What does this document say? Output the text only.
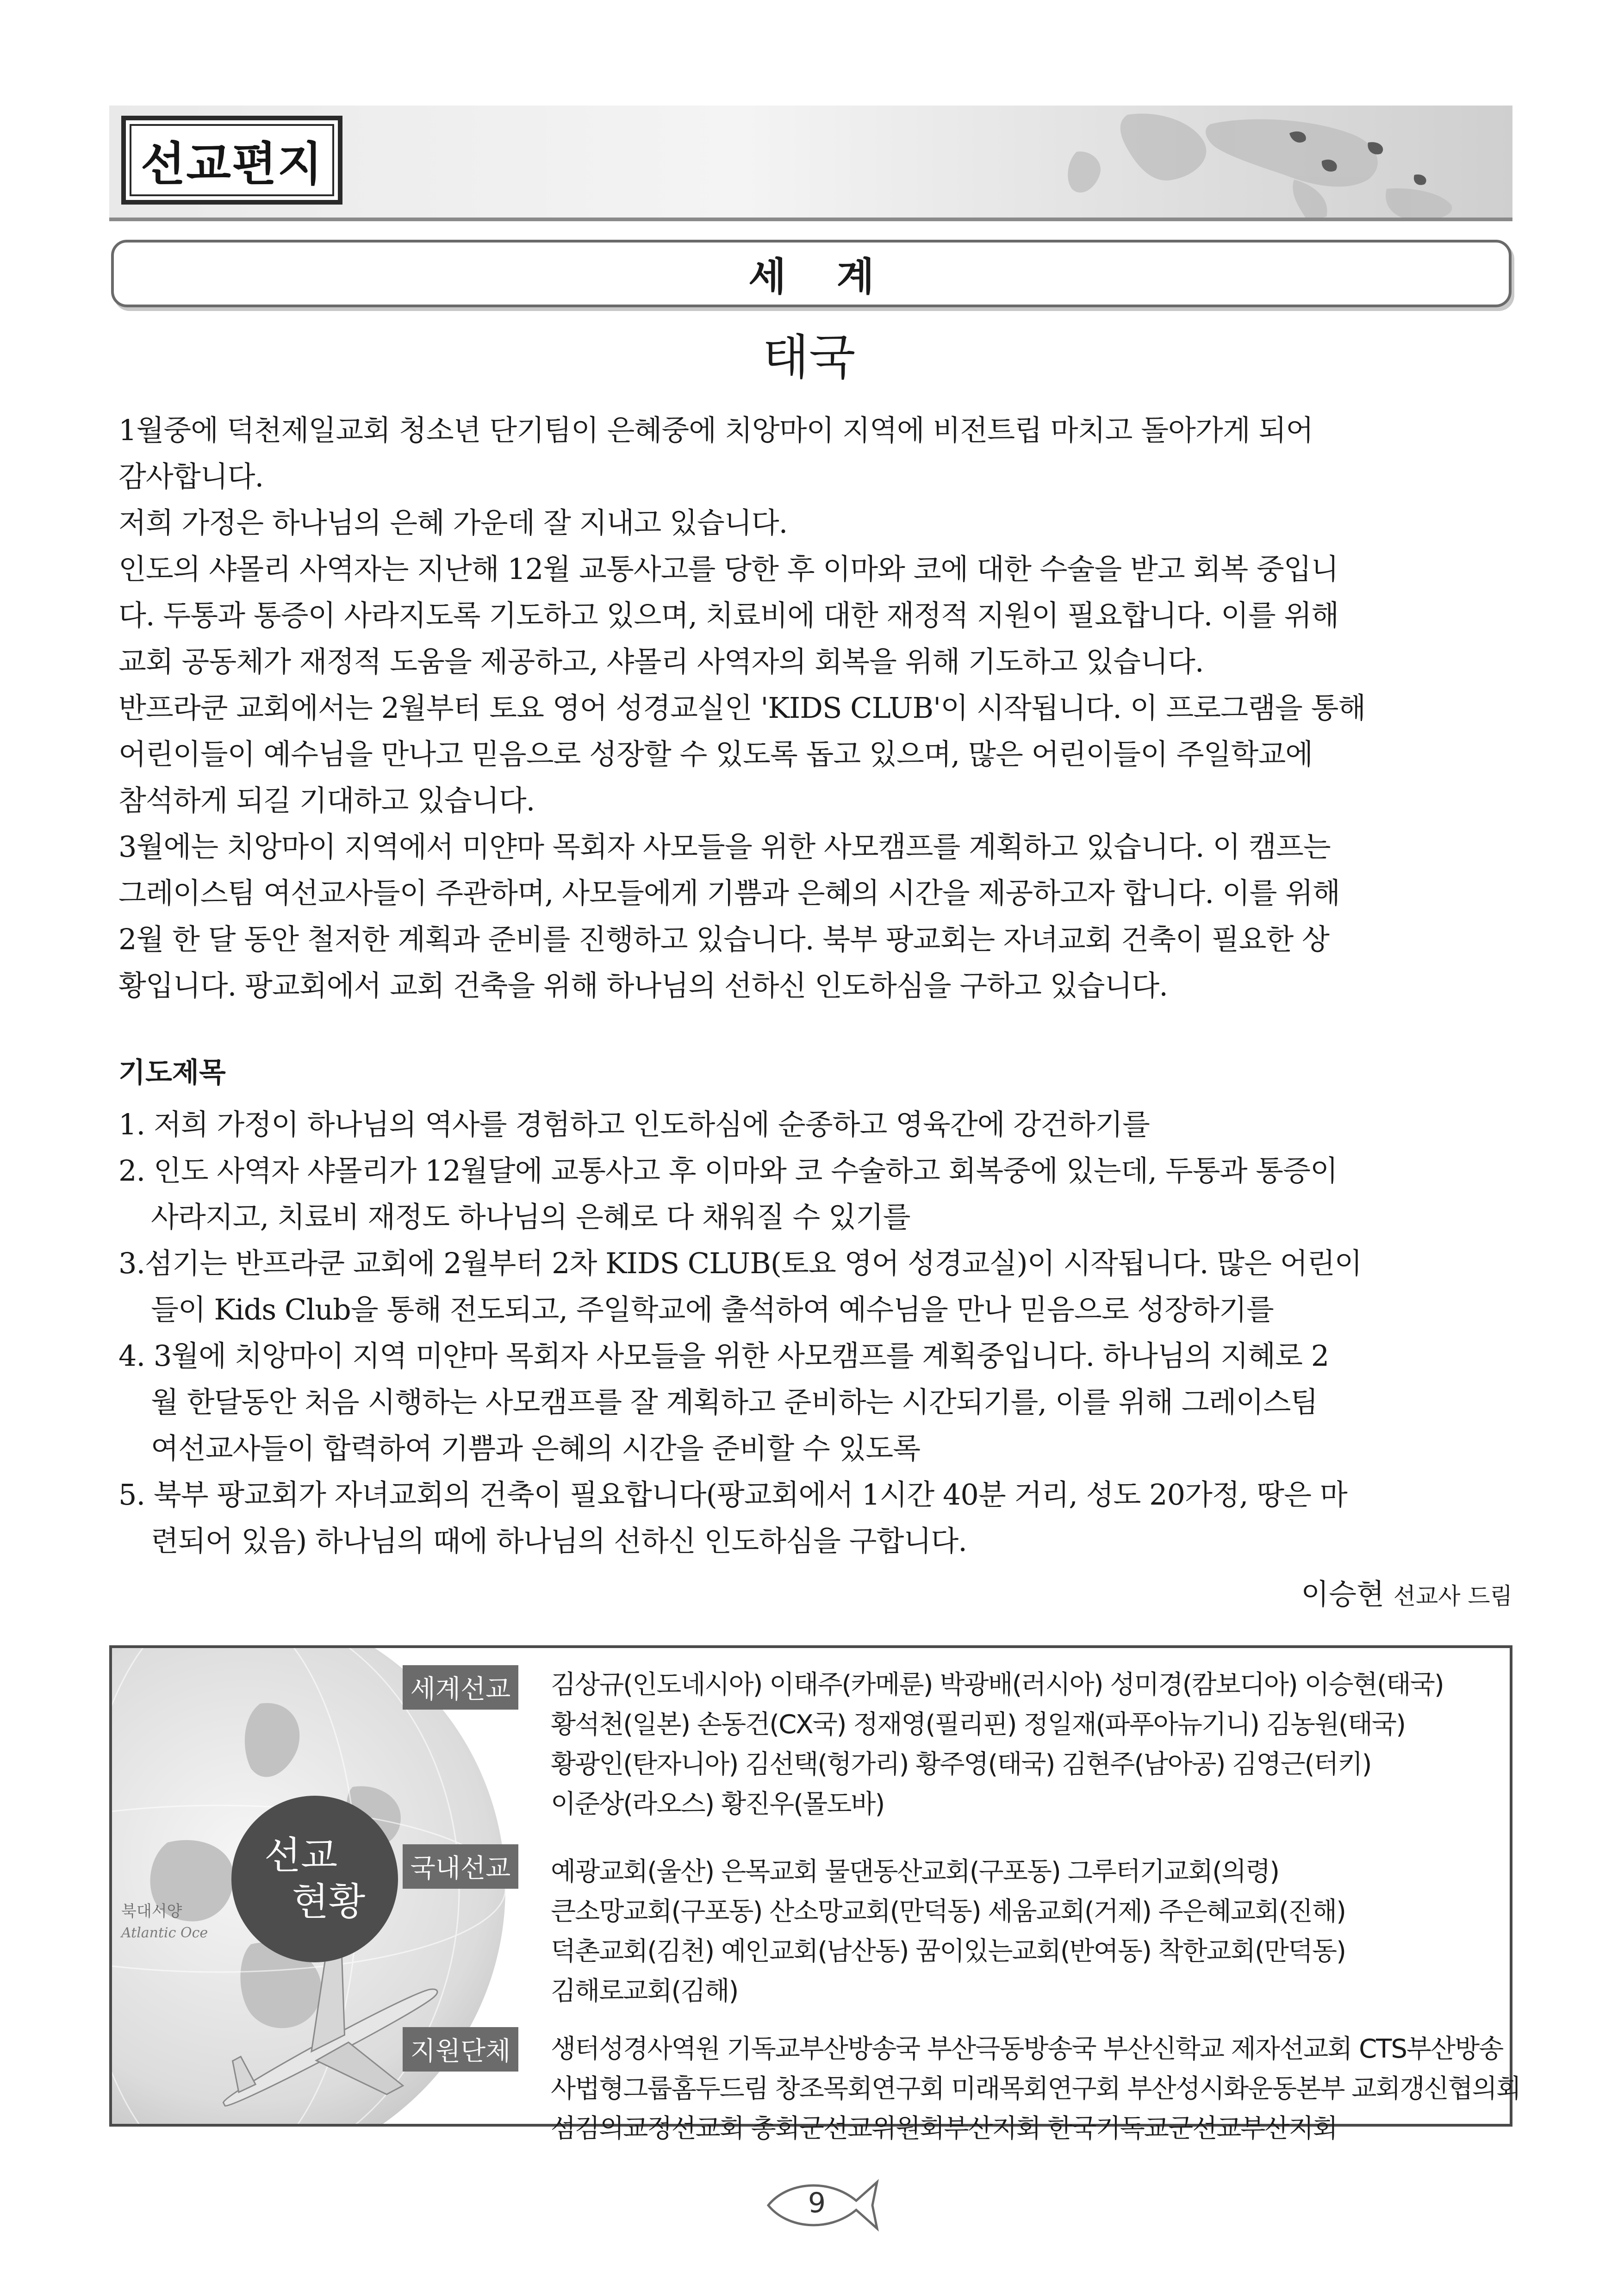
선교편지
세 계
태국

1월중에 덕천제일교회 청소년 단기팀이 은혜중에 치앙마이 지역에 비전트립 마치고 돌아가게 되어

감사합니다.

저희 가정은 하나님의 은혜 가운데 잘 지내고 있습니다.

인도의 샤몰리 사역자는 지난해 12월 교통사고를 당한 후 이마와 코에 대한 수술을 받고 회복 중입니

다. 두통과 통증이 사라지도록 기도하고 있으며, 치료비에 대한 재정적 지원이 필요합니다. 이를 위해

교회 공동체가 재정적 도움을 제공하고, 샤몰리 사역자의 회복을 위해 기도하고 있습니다.

반프라쿤 교회에서는 2월부터 토요 영어 성경교실인 'KIDS CLUB'이 시작됩니다. 이 프로그램을 통해

어린이들이 예수님을 만나고 믿음으로 성장할 수 있도록 돕고 있으며, 많은 어린이들이 주일학교에

참석하게 되길 기대하고 있습니다.

3월에는 치앙마이 지역에서 미얀마 목회자 사모들을 위한 사모캠프를 계획하고 있습니다. 이 캠프는

그레이스팀 여선교사들이 주관하며, 사모들에게 기쁨과 은혜의 시간을 제공하고자 합니다. 이를 위해

2월 한 달 동안 철저한 계획과 준비를 진행하고 있습니다. 북부 팡교회는 자녀교회 건축이 필요한 상

황입니다. 팡교회에서 교회 건축을 위해 하나님의 선하신 인도하심을 구하고 있습니다.

기도제목

1. 저희 가정이 하나님의 역사를 경험하고 인도하심에 순종하고 영육간에 강건하기를

2. 인도 사역자 샤몰리가 12월달에 교통사고 후 이마와 코 수술하고 회복중에 있는데, 두통과 통증이

사라지고, 치료비 재정도 하나님의 은혜로 다 채워질 수 있기를

3.섬기는 반프라쿤 교회에 2월부터 2차 KIDS CLUB(토요 영어 성경교실)이 시작됩니다. 많은 어린이

들이 Kids Club을 통해 전도되고, 주일학교에 출석하여 예수님을 만나 믿음으로 성장하기를

4. 3월에 치앙마이 지역 미얀마 목회자 사모들을 위한 사모캠프를 계획중입니다. 하나님의 지혜로 2

월 한달동안 처음 시행하는 사모캠프를 잘 계획하고 준비하는 시간되기를, 이를 위해 그레이스팀

여선교사들이 합력하여 기쁨과 은혜의 시간을 준비할 수 있도록

5. 북부 팡교회가 자녀교회의 건축이 필요합니다(팡교회에서 1시간 40분 거리, 성도 20가정, 땅은 마

련되어 있음) 하나님의 때에 하나님의 선하신 인도하심을 구합니다.

이승현 선교사 드림
북대서양
Atlantic Oce
선교
현황
세계선교	김상규(인도네시아) 이태주(카메룬) 박광배(러시아) 성미경(캄보디아) 이승현(태국)

황석천(일본) 손동건(CX국) 정재영(필리핀) 정일재(파푸아뉴기니) 김농원(태국)

황광인(탄자니아) 김선택(헝가리) 황주영(태국) 김현주(남아공) 김영근(터키)

이준상(라오스) 황진우(몰도바)

국내선교	예광교회(울산) 은목교회 물댄동산교회(구포동) 그루터기교회(의령)

큰소망교회(구포동) 산소망교회(만덕동) 세움교회(거제) 주은혜교회(진해)

덕촌교회(김천) 예인교회(남산동) 꿈이있는교회(반여동) 착한교회(만덕동)

김해로교회(김해)

지원단체	생터성경사역원 기독교부산방송국 부산극동방송국 부산신학교 제자선교회 CTS부산방송

사법형그룹홈두드림 창조목회연구회 미래목회연구회 부산성시화운동본부 교회갱신협의회

섬김의교정선교회 총회군선교위원회부산지회 한국기독교군선교부산지회

9
